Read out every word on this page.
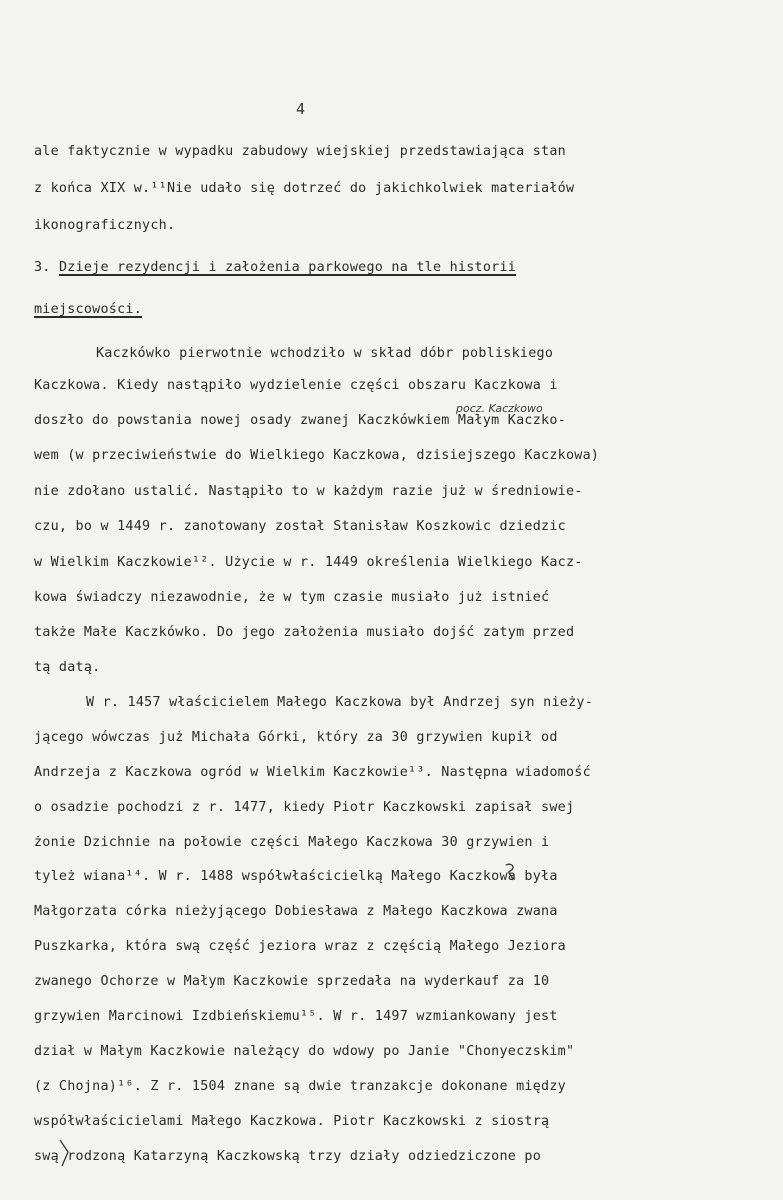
4
ale faktycznie w wypadku zabudowy wiejskiej przedstawiająca stan
z końca XIX w.¹¹Nie udało się dotrzeć do jakichkolwiek materiałów
ikonograficznych.
3. Dzieje rezydencji i założenia parkowego na tle historii
miejscowości.
Kaczkówko pierwotnie wchodziło w skład dóbr pobliskiego
Kaczkowa. Kiedy nastąpiło wydzielenie części obszaru Kaczkowa i
doszło do powstania nowej osady zwanej Kaczkówkiem Małym Kaczko-
wem (w przeciwieństwie do Wielkiego Kaczkowa, dzisiejszego Kaczkowa)
nie zdołano ustalić. Nastąpiło to w każdym razie już w średniowie-
czu, bo w 1449 r. zanotowany został Stanisław Koszkowic dziedzic
w Wielkim Kaczkowie¹². Użycie w r. 1449 określenia Wielkiego Kacz-
kowa świadczy niezawodnie, że w tym czasie musiało już istnieć
także Małe Kaczkówko. Do jego założenia musiało dojść zatym przed
tą datą.
pocz. Kaczkowo
W r. 1457 właścicielem Małego Kaczkowa był Andrzej syn nieży-
jącego wówczas już Michała Górki, który za 30 grzywien kupił od
Andrzeja z Kaczkowa ogród w Wielkim Kaczkowie¹³. Następna wiadomość
o osadzie pochodzi z r. 1477, kiedy Piotr Kaczkowski zapisał swej
żonie Dzichnie na połowie części Małego Kaczkowa 30 grzywien i
tyleż wiana¹⁴. W r. 1488 współwłaścicielką Małego Kaczkowa była
Małgorzata córka nieżyjącego Dobiesława z Małego Kaczkowa zwana
Puszkarka, która swą część jeziora wraz z częścią Małego Jeziora
zwanego Ochorze w Małym Kaczkowie sprzedała na wyderkauf za 10
grzywien Marcinowi Izdbieńskiemu¹⁵. W r. 1497 wzmiankowany jest
dział w Małym Kaczkowie należący do wdowy po Janie "Chonyeczskim"
(z Chojna)¹⁶. Z r. 1504 znane są dwie tranzakcje dokonane między
współwłaścicielami Małego Kaczkowa. Piotr Kaczkowski z siostrą
swą rodzoną Katarzyną Kaczkowską trzy działy odziedziczone po
